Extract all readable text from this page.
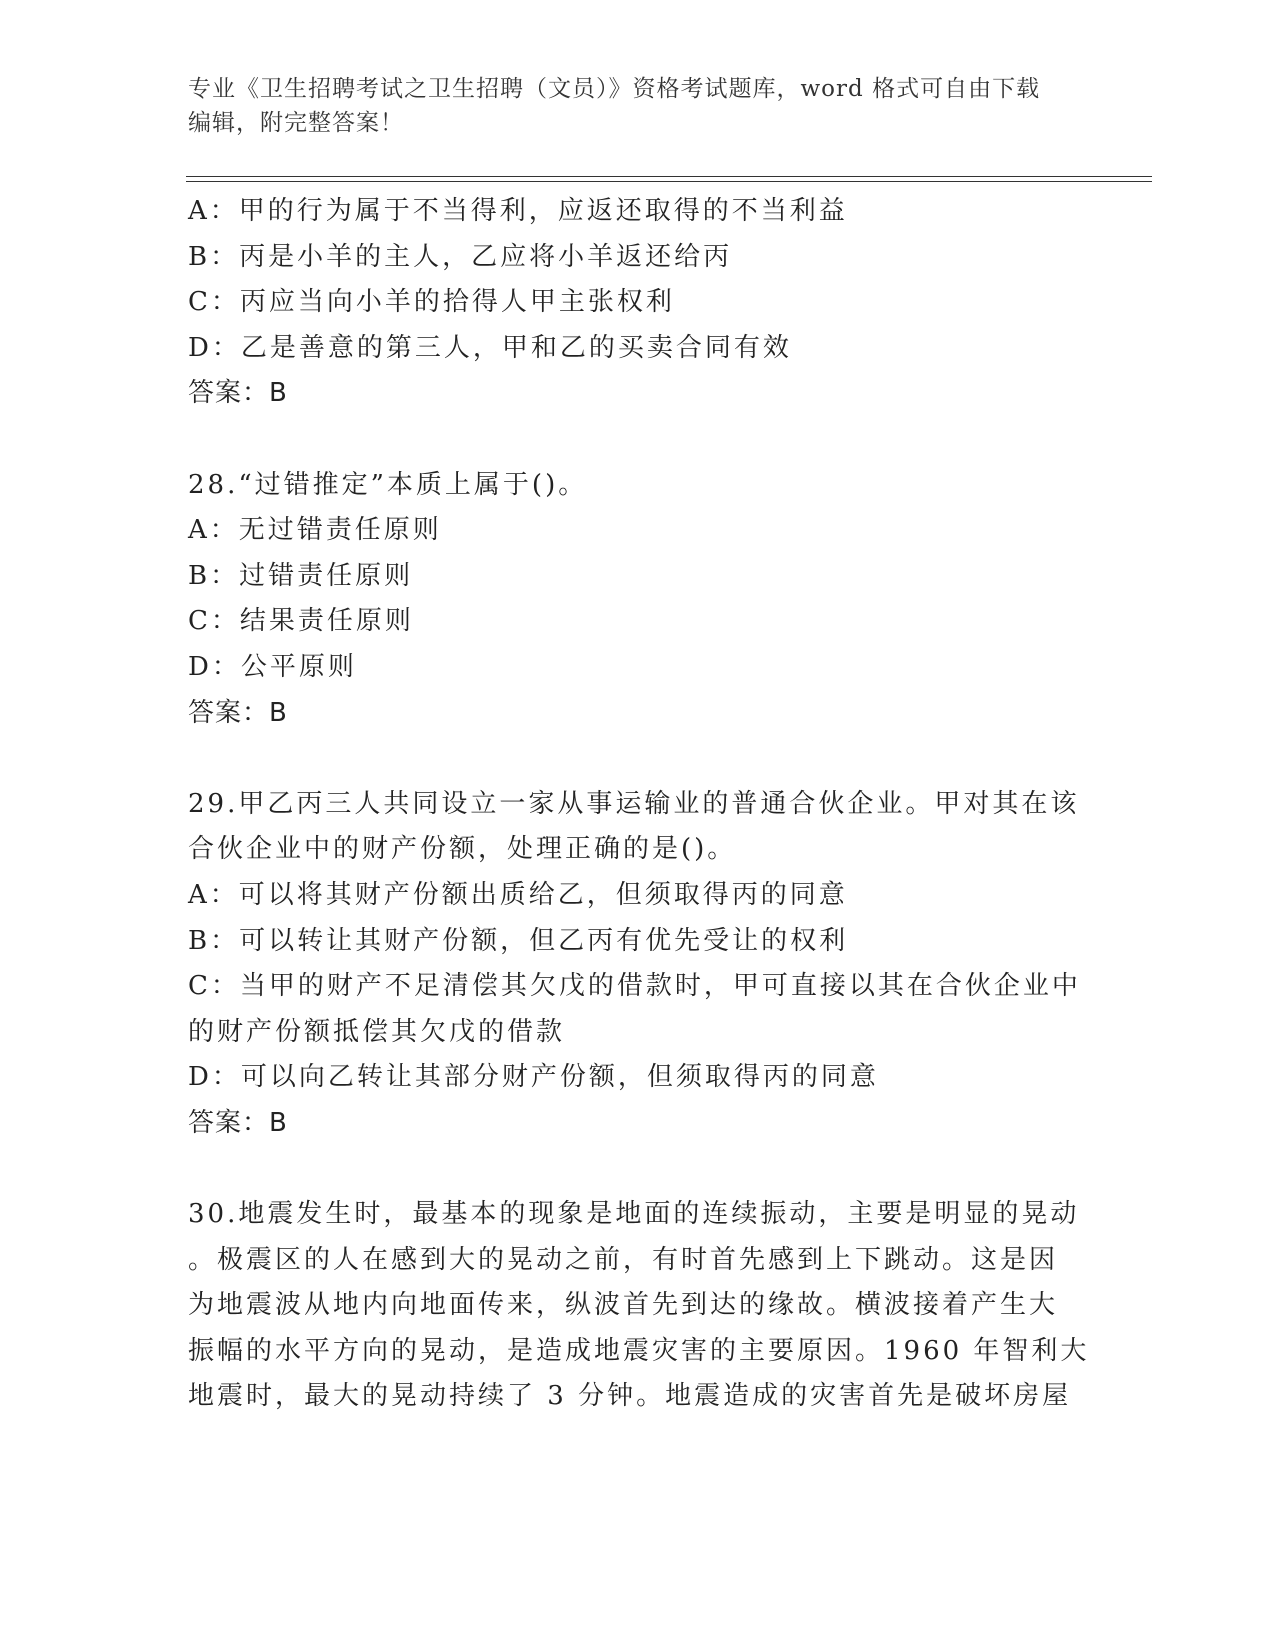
专业《卫生招聘考试之卫生招聘（文员）》资格考试题库，word 格式可自由下载
编辑，附完整答案！
A：甲的行为属于不当得利，应返还取得的不当利益
B：丙是小羊的主人，乙应将小羊返还给丙
C：丙应当向小羊的拾得人甲主张权利
D：乙是善意的第三人，甲和乙的买卖合同有效
答案：B
28.“过错推定”本质上属于()。
A：无过错责任原则
B：过错责任原则
C：结果责任原则
D：公平原则
答案：B
29.甲乙丙三人共同设立一家从事运输业的普通合伙企业。甲对其在该
合伙企业中的财产份额，处理正确的是()。
A：可以将其财产份额出质给乙，但须取得丙的同意
B：可以转让其财产份额，但乙丙有优先受让的权利
C：当甲的财产不足清偿其欠戊的借款时，甲可直接以其在合伙企业中
的财产份额抵偿其欠戊的借款
D：可以向乙转让其部分财产份额，但须取得丙的同意
答案：B
30.地震发生时，最基本的现象是地面的连续振动，主要是明显的晃动
。极震区的人在感到大的晃动之前，有时首先感到上下跳动。这是因
为地震波从地内向地面传来，纵波首先到达的缘故。横波接着产生大
振幅的水平方向的晃动，是造成地震灾害的主要原因。1960 年智利大
地震时，最大的晃动持续了 3 分钟。地震造成的灾害首先是破坏房屋
